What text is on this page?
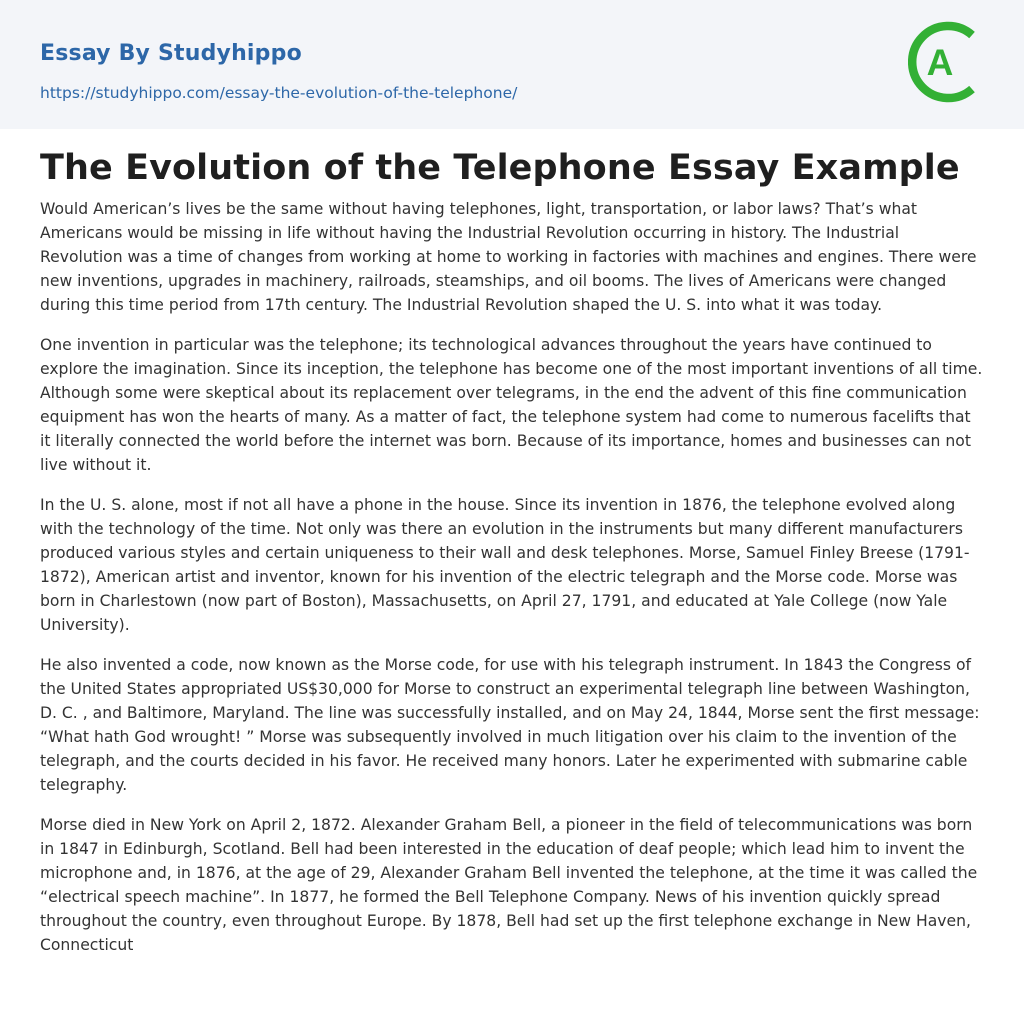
Essay By Studyhippo
https://studyhippo.com/essay-the-evolution-of-the-telephone/
A
The Evolution of the Telephone Essay Example

Would American’s lives be the same without having telephones, light, transportation, or labor laws? That’s what Americans would be missing in life without having the Industrial Revolution occurring in history. The Industrial Revolution was a time of changes from working at home to working in factories with machines and engines. There were new inventions, upgrades in machinery, railroads, steamships, and oil booms. The lives of Americans were changed during this time period from 17th century. The Industrial Revolution shaped the U. S. into what it was today.

One invention in particular was the telephone; its technological advances throughout the years have continued to explore the imagination. Since its inception, the telephone has become one of the most important inventions of all time. Although some were skeptical about its replacement over telegrams, in the end the advent of this fine communication equipment has won the hearts of many. As a matter of fact, the telephone system had come to numerous facelifts that it literally connected the world before the internet was born. Because of its importance, homes and businesses can not live without it.

In the U. S. alone, most if not all have a phone in the house. Since its invention in 1876, the telephone evolved along with the technology of the time. Not only was there an evolution in the instruments but many different manufacturers produced various styles and certain uniqueness to their wall and desk telephones. Morse, Samuel Finley Breese (1791-1872), American artist and inventor, known for his invention of the electric telegraph and the Morse code. Morse was born in Charlestown (now part of Boston), Massachusetts, on April 27, 1791, and educated at Yale College (now Yale University).

He also invented a code, now known as the Morse code, for use with his telegraph instrument. In 1843 the Congress of the United States appropriated US$30,000 for Morse to construct an experimental telegraph line between Washington, D. C. , and Baltimore, Maryland. The line was successfully installed, and on May 24, 1844, Morse sent the first message: “What hath God wrought! ” Morse was subsequently involved in much litigation over his claim to the invention of the telegraph, and the courts decided in his favor. He received many honors. Later he experimented with submarine cable telegraphy.

Morse died in New York on April 2, 1872. Alexander Graham Bell, a pioneer in the field of telecommunications was born in 1847 in Edinburgh, Scotland. Bell had been interested in the education of deaf people; which lead him to invent the microphone and, in 1876, at the age of 29, Alexander Graham Bell invented the telephone, at the time it was called the “electrical speech machine”. In 1877, he formed the Bell Telephone Company. News of his invention quickly spread throughout the country, even throughout Europe. By 1878, Bell had set up the first telephone exchange in New Haven, Connecticut
